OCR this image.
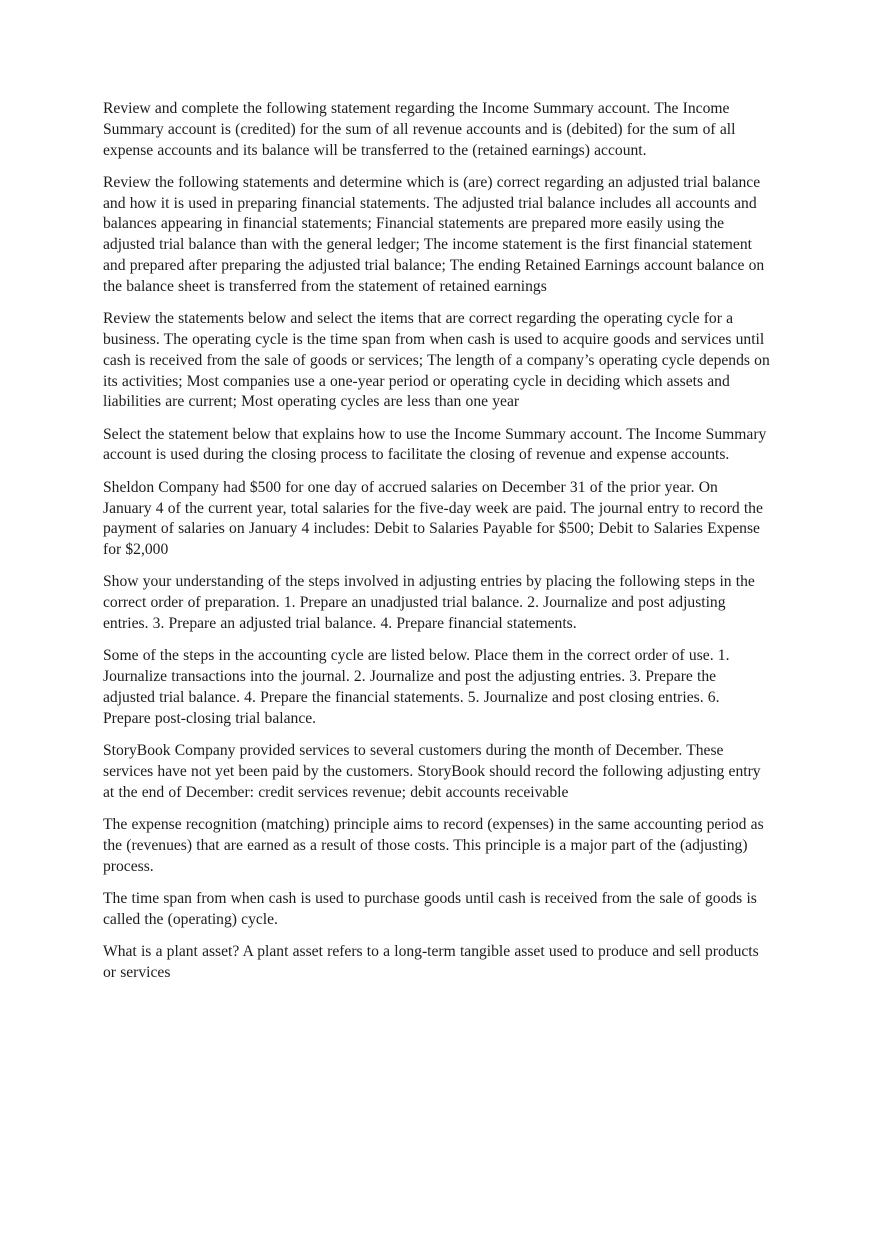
Review and complete the following statement regarding the Income Summary account. The Income Summary account is (credited) for the sum of all revenue accounts and is (debited) for the sum of all expense accounts and its balance will be transferred to the (retained earnings) account.

Review the following statements and determine which is (are) correct regarding an adjusted trial balance and how it is used in preparing financial statements. The adjusted trial balance includes all accounts and balances appearing in financial statements; Financial statements are prepared more easily using the adjusted trial balance than with the general ledger; The income statement is the first financial statement and prepared after preparing the adjusted trial balance; The ending Retained Earnings account balance on the balance sheet is transferred from the statement of retained earnings

Review the statements below and select the items that are correct regarding the operating cycle for a business. The operating cycle is the time span from when cash is used to acquire goods and services until cash is received from the sale of goods or services; The length of a company’s operating cycle depends on its activities; Most companies use a one-year period or operating cycle in deciding which assets and liabilities are current; Most operating cycles are less than one year

Select the statement below that explains how to use the Income Summary account. The Income Summary account is used during the closing process to facilitate the closing of revenue and expense accounts.

Sheldon Company had $500 for one day of accrued salaries on December 31 of the prior year. On January 4 of the current year, total salaries for the five-day week are paid. The journal entry to record the payment of salaries on January 4 includes: Debit to Salaries Payable for $500; Debit to Salaries Expense for $2,000

Show your understanding of the steps involved in adjusting entries by placing the following steps in the correct order of preparation. 1. Prepare an unadjusted trial balance. 2. Journalize and post adjusting entries. 3. Prepare an adjusted trial balance. 4. Prepare financial statements.

Some of the steps in the accounting cycle are listed below. Place them in the correct order of use. 1. Journalize transactions into the journal. 2. Journalize and post the adjusting entries. 3. Prepare the adjusted trial balance. 4. Prepare the financial statements. 5. Journalize and post closing entries. 6. Prepare post-closing trial balance.

StoryBook Company provided services to several customers during the month of December. These services have not yet been paid by the customers. StoryBook should record the following adjusting entry at the end of December: credit services revenue; debit accounts receivable

The expense recognition (matching) principle aims to record (expenses) in the same accounting period as the (revenues) that are earned as a result of those costs. This principle is a major part of the (adjusting) process.

The time span from when cash is used to purchase goods until cash is received from the sale of goods is called the (operating) cycle.

What is a plant asset? A plant asset refers to a long-term tangible asset used to produce and sell products or services
